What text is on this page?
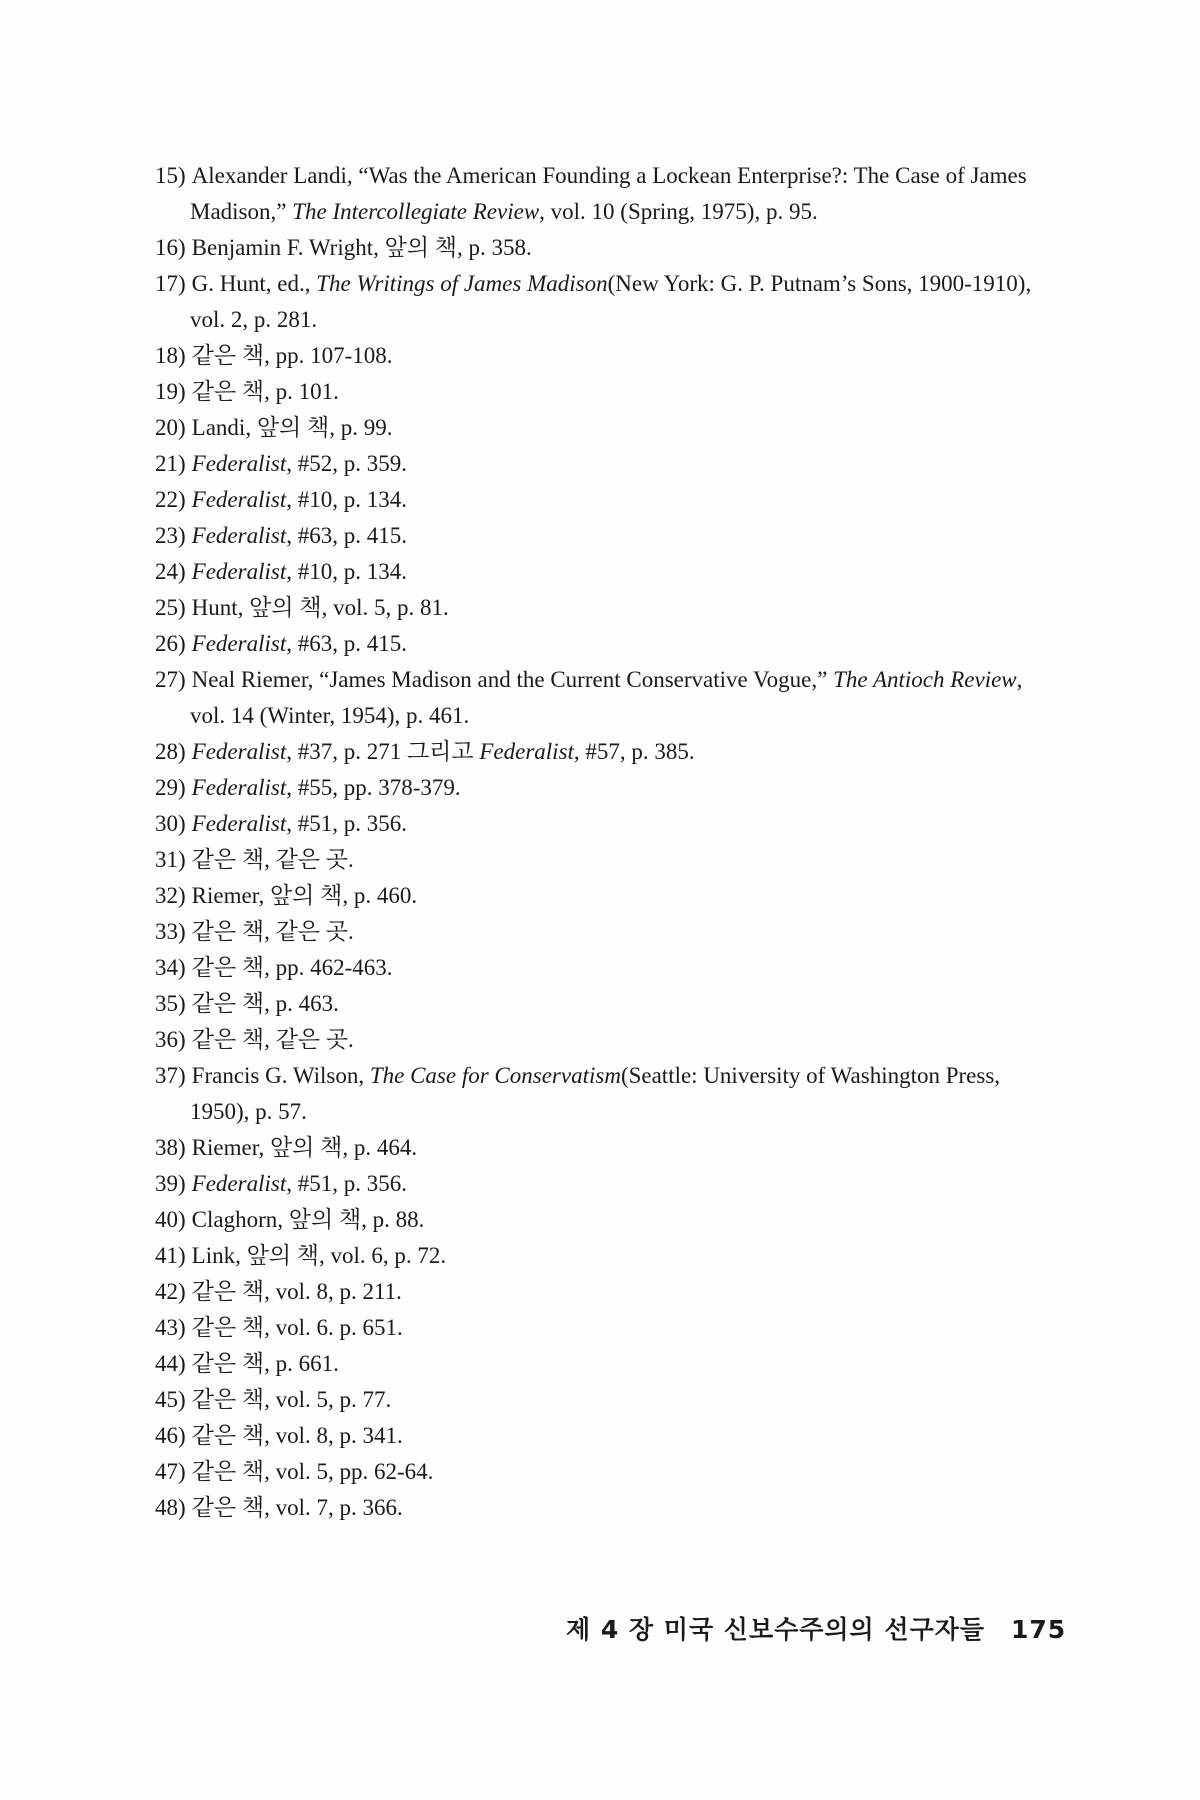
15) Alexander Landi, “Was the American Founding a Lockean Enterprise?: The Case of James Madison,” The Intercollegiate Review, vol. 10 (Spring, 1975), p. 95.

16) Benjamin F. Wright, 앞의 책, p. 358.

17) G. Hunt, ed., The Writings of James Madison(New York: G. P. Putnam’s Sons, 1900-1910), vol. 2, p. 281.

18) 같은 책, pp. 107-108.

19) 같은 책, p. 101.

20) Landi, 앞의 책, p. 99.

21) Federalist, #52, p. 359.

22) Federalist, #10, p. 134.

23) Federalist, #63, p. 415.

24) Federalist, #10, p. 134.

25) Hunt, 앞의 책, vol. 5, p. 81.

26) Federalist, #63, p. 415.

27) Neal Riemer, “James Madison and the Current Conservative Vogue,” The Antioch Review, vol. 14 (Winter, 1954), p. 461.

28) Federalist, #37, p. 271 그리고 Federalist, #57, p. 385.

29) Federalist, #55, pp. 378-379.

30) Federalist, #51, p. 356.

31) 같은 책, 같은 곳.

32) Riemer, 앞의 책, p. 460.

33) 같은 책, 같은 곳.

34) 같은 책, pp. 462-463.

35) 같은 책, p. 463.

36) 같은 책, 같은 곳.

37) Francis G. Wilson, The Case for Conservatism(Seattle: University of Washington Press, 1950), p. 57.

38) Riemer, 앞의 책, p. 464.

39) Federalist, #51, p. 356.

40) Claghorn, 앞의 책, p. 88.

41) Link, 앞의 책, vol. 6, p. 72.

42) 같은 책, vol. 8, p. 211.

43) 같은 책, vol. 6. p. 651.

44) 같은 책, p. 661.

45) 같은 책, vol. 5, p. 77.

46) 같은 책, vol. 8, p. 341.

47) 같은 책, vol. 5, pp. 62-64.

48) 같은 책, vol. 7, p. 366.

제 4 장 미국 신보수주의의 선구자들 175
